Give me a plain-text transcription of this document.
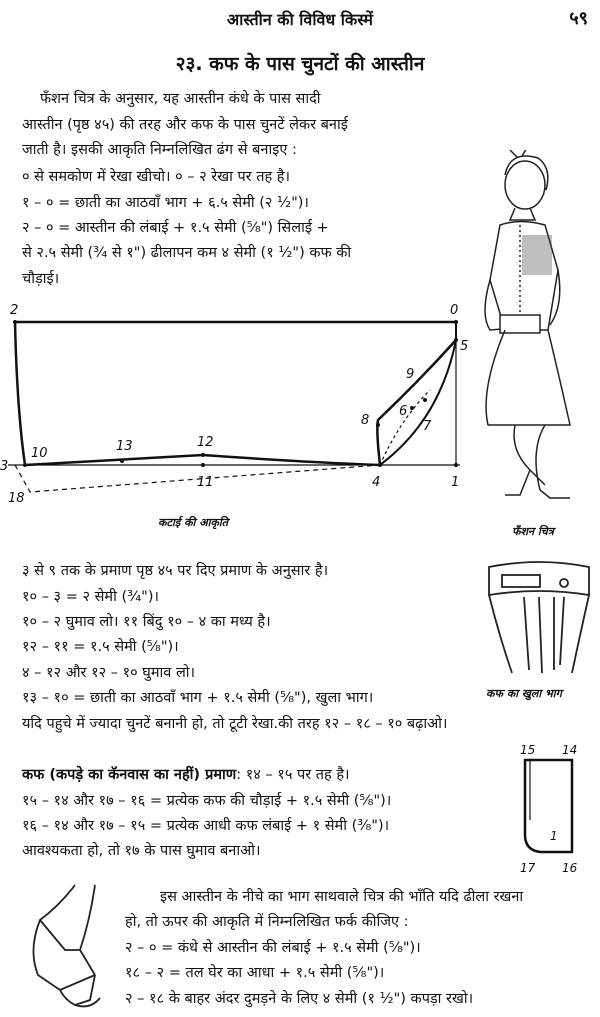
आस्तीन की विविध किस्में	५९
२३. कफ के पास चुनटों की आस्तीन
फँशन चित्र के अनुसार, यह आस्तीन कंधे के पास सादी
आस्तीन (पृष्ठ ४५) की तरह और कफ के पास चुनटें लेकर बनाई
जाती है। इसकी आकृति निम्नलिखित ढंग से बनाइए :
० से समकोण में रेखा खीचो। ० – २ रेखा पर तह है।
१ – ० = छाती का आठवाँ भाग + ६.५ सेमी (२ ¹⁄₂")।
२ – ० = आस्तीन की लंबाई + १.५ सेमी (⁵⁄₈") सिलाई +
से २.५ सेमी (³⁄₄ से १") ढीलापन कम ४ सेमी (१ ¹⁄₂") कफ की
चौड़ाई।
2	0
5
9
6
8	7
3
10	13	12
11	4	1
18
कटाई की आकृति
फँशन चित्र
३ से ९ तक के प्रमाण पृष्ठ ४५ पर दिए प्रमाण के अनुसार है।
१० – ३ = २ सेमी (³⁄₄")।
१० – २ घुमाव लो। ११ बिंदु १० – ४ का मध्य है।
१२ – ११ = १.५ सेमी (⁵⁄₈")।
४ – १२ और १२ – १० घुमाव लो।
१३ – १० = छाती का आठवाँ भाग + १.५ सेमी (⁵⁄₈"), खुला भाग।
यदि पहुचे में ज्यादा चुनटें बनानी हो, तो टूटी रेखा.की तरह १२ – १८ – १० बढ़ाओ।
कफ का खुला भाग
कफ (कपड़े का कॅनवास का नहीं) प्रमाण: १४ – १५ पर तह है।
१५ – १४ और १७ – १६ = प्रत्येक कफ की चौड़ाई + १.५ सेमी (⁵⁄₈")।
१६ – १४ और १७ – १५ = प्रत्येक आधी कफ लंबाई + १ सेमी (³⁄₈")।
आवश्यकता हो, तो १७ के पास घुमाव बनाओ।
15 14
17 16
1
इस आस्तीन के नीचे का भाग साथवाले चित्र की भाँति यदि ढीला रखना
हो, तो ऊपर की आकृति में निम्नलिखित फर्क कीजिए :
२ – ० = कंधे से आस्तीन की लंबाई + १.५ सेमी (⁵⁄₈")।
१८ – २ = तल घेर का आधा + १.५ सेमी (⁵⁄₈")।
२ – १८ के बाहर अंदर दुमड़ने के लिए ४ सेमी (१ ¹⁄₂") कपड़ा रखो।
